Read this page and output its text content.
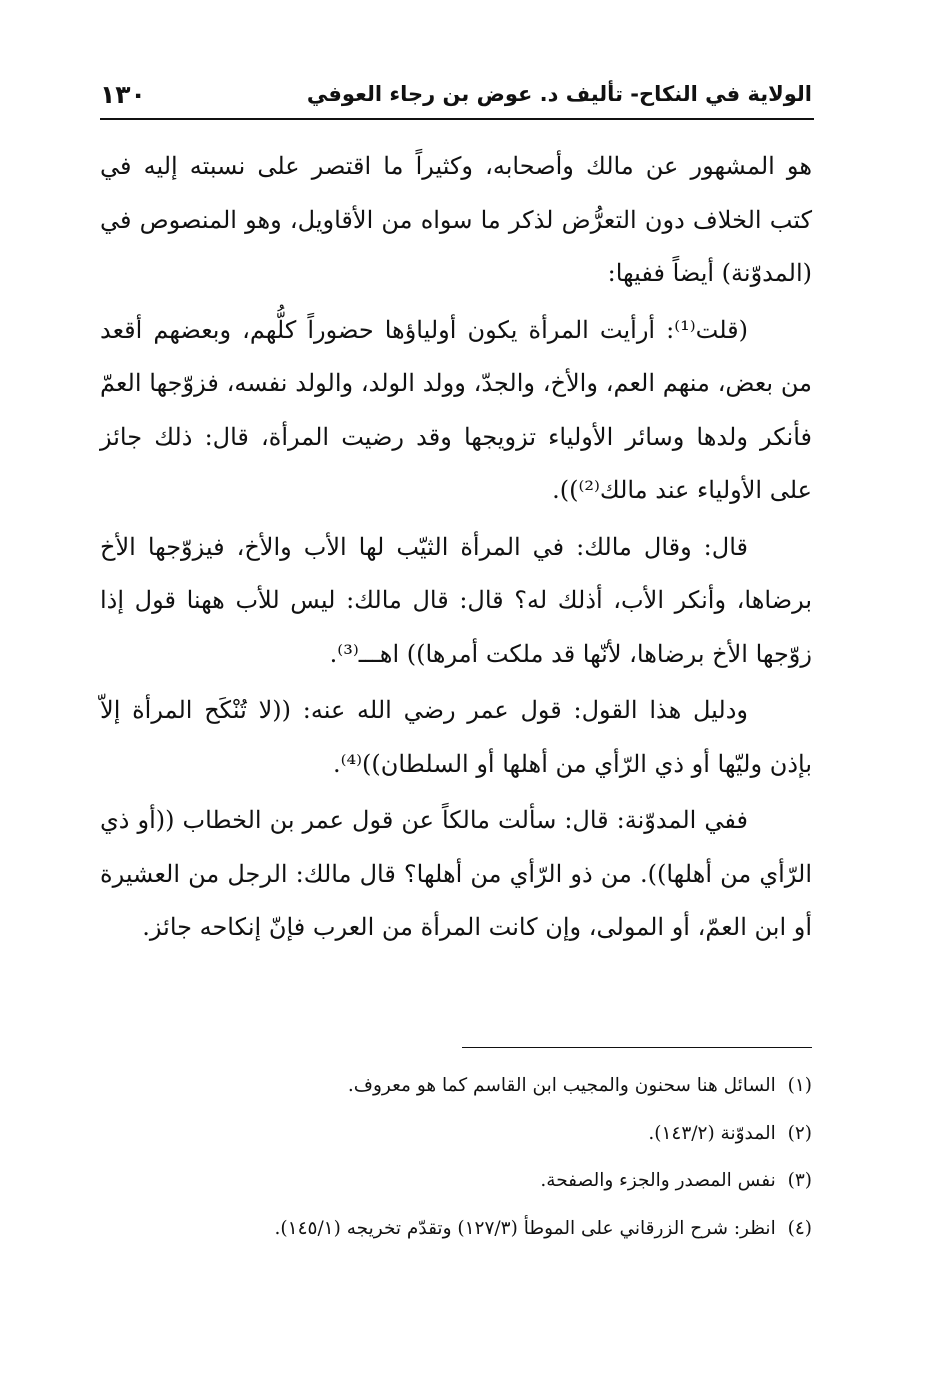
الولاية في النكاح- تأليف د. عوض بن رجاء العوفي
١٣٠

هو المشهور عن مالك وأصحابه، وكثيراً ما اقتصر على نسبته إليه في كتب الخلاف دون التعرُّض لذكر ما سواه من الأقاويل، وهو المنصوص في (المدوّنة) أيضاً ففيها:

(قلت⁽¹⁾: أرأيت المرأة يكون أولياؤها حضوراً كلُّهم، وبعضهم أقعد من بعض، منهم العم، والأخ، والجدّ، وولد الولد، والولد نفسه، فزوّجها العمّ فأنكر ولدها وسائر الأولياء تزويجها وقد رضيت المرأة، قال: ذلك جائز على الأولياء عند مالك⁽²⁾)).

قال: وقال مالك: في المرأة الثيّب لها الأب والأخ، فيزوّجها الأخ برضاها، وأنكر الأب، أذلك له؟ قال: قال مالك: ليس للأب ههنا قول إذا زوّجها الأخ برضاها، لأنّها قد ملكت أمرها)) اهـــ⁽³⁾.

ودليل هذا القول: قول عمر رضي الله عنه: ((لا تُنْكَح المرأة إلاّ بإذن وليّها أو ذي الرّأي من أهلها أو السلطان))⁽⁴⁾.

ففي المدوّنة: قال: سألت مالكاً عن قول عمر بن الخطاب ((أو ذي الرّأي من أهلها)). من ذو الرّأي من أهلها؟ قال مالك: الرجل من العشيرة أو ابن العمّ، أو المولى، وإن كانت المرأة من العرب فإنّ إنكاحه جائز.

(١) السائل هنا سحنون والمجيب ابن القاسم كما هو معروف.

(٢) المدوّنة (١٤٣/٢).

(٣) نفس المصدر والجزء والصفحة.

(٤) انظر: شرح الزرقاني على الموطأ (١٢٧/٣) وتقدّم تخريجه (١٤٥/١).
